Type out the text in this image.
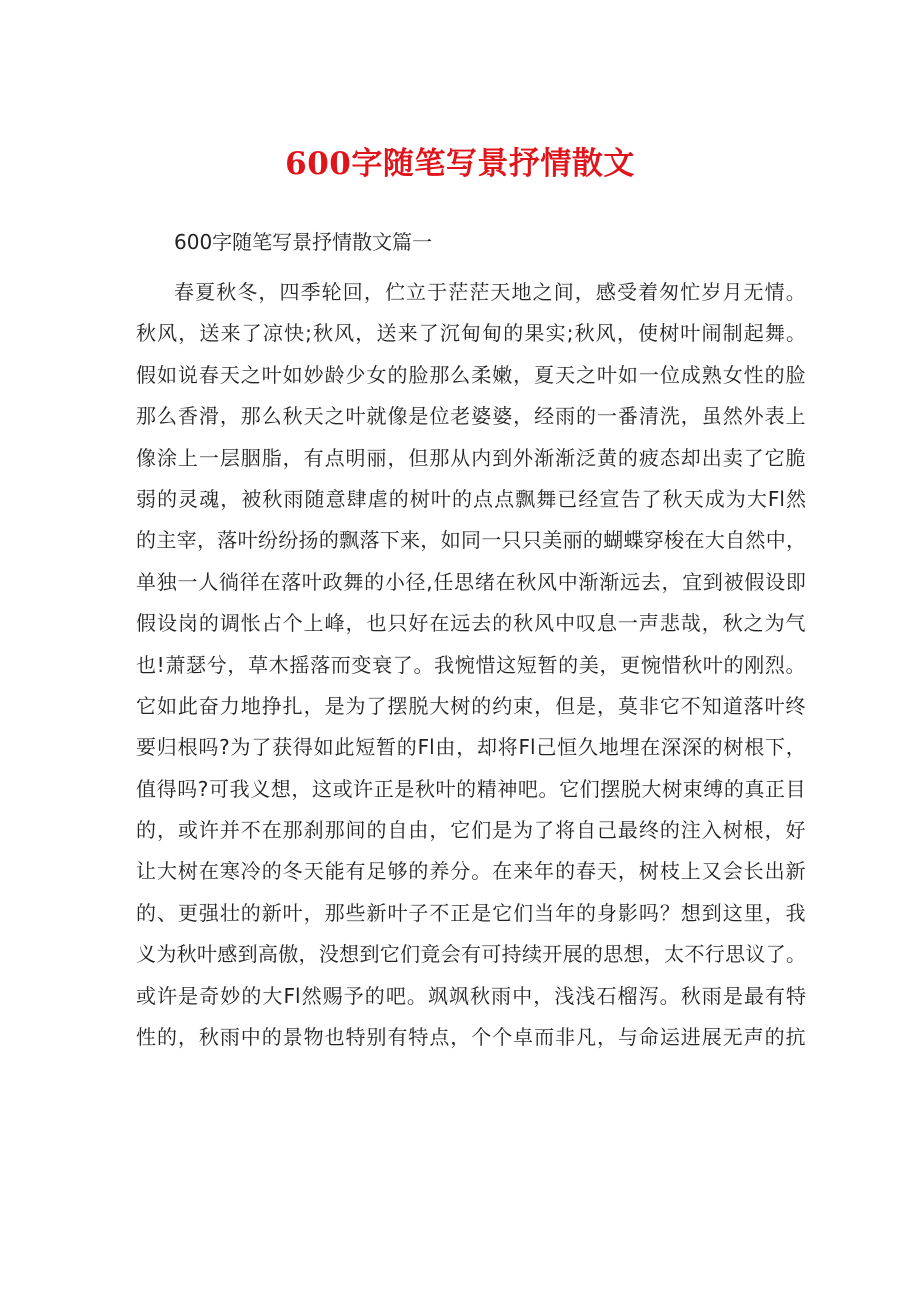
600字随笔写景抒情散文
600字随笔写景抒情散文篇一
春 夏 秋 冬 ， 四 季 轮 回 ， 伫 立 于 茫 茫 天 地 之 间 ， 感 受 着 匆 忙 岁 月 无 情 。
秋 风 ， 送 来 了 凉 快 ; 秋 风 ， 送 来 了 沉 甸 甸 的 果 实 ; 秋 风 ， 使 树 叶 闹 制 起 舞 。
假 如 说 春 天 之 叶 如 妙 龄 少 女 的 脸 那 么 柔 嫩 ， 夏 天 之 叶 如 一 位 成 熟 女 性 的 脸
那 么 香 滑 ， 那 么 秋 天 之 叶 就 像 是 位 老 婆 婆 ， 经 雨 的 一 番 清 洗 ， 虽 然 外 表 上
像 涂 上 一 层 胭 脂 ， 有 点 明 丽 ， 但 那 从 内 到 外 渐 渐 泛 黄 的 疲 态 却 出 卖 了 它 脆
弱 的 灵 魂 ， 被 秋 雨 随 意 肆 虐 的 树 叶 的 点 点 飘 舞 已 经 宣 告 了 秋 天 成 为 大 Fl 然
的 主 宰 ， 落 叶 纷 纷 扬 的 飘 落 下 来 ， 如 同 一 只 只 美 丽 的 蝴 蝶 穿 梭 在 大 自 然 中 ，
单 独 一 人 徜 徉 在 落 叶 政 舞 的 小 径 , 任 思 绪 在 秋 风 中 渐 渐 远 去 ， 宜 到 被 假 设 即
假 设 岗 的 调 怅 占 个 上 峰 ， 也 只 好 在 远 去 的 秋 风 中 叹 息 一 声 悲 哉 ， 秋 之 为 气
也 ! 萧 瑟 兮 ， 草 木 摇 落 而 变 衰 了 。 我 惋 惜 这 短 暂 的 美 ， 更 惋 惜 秋 叶 的 刚 烈 。
它 如 此 奋 力 地 挣 扎 ， 是 为 了 摆 脱 大 树 的 约 束 ， 但 是 ， 莫 非 它 不 知 道 落 叶 终
要 归 根 吗 ? 为 了 获 得 如 此 短 暂 的 Fl 由 ， 却 将 Fl 己 恒 久 地 埋 在 深 深 的 树 根 下 ，
值 得 吗 ? 可 我 义 想 ， 这 或 许 正 是 秋 叶 的 精 神 吧 。 它 们 摆 脱 大 树 束 缚 的 真 正 目
的 ， 或 许 并 不 在 那 刹 那 间 的 自 由 ， 它 们 是 为 了 将 自 己 最 终 的 注 入 树 根 ， 好
让 大 树 在 寒 冷 的 冬 天 能 有 足 够 的 养 分 。 在 来 年 的 春 天 ， 树 枝 上 又 会 长 出 新
的 、 更 强 壮 的 新 叶 ， 那 些 新 叶 子 不 正 是 它 们 当 年 的 身 影 吗 ？ 想 到 这 里 ， 我
义 为 秋 叶 感 到 高 傲 ， 没 想 到 它 们 竟 会 有 可 持 续 开 展 的 思 想 ， 太 不 行 思 议 了 。
或 许 是 奇 妙 的 大 Fl 然 赐 予 的 吧 。 飒 飒 秋 雨 中 ， 浅 浅 石 榴 泻 。 秋 雨 是 最 有 特
性 的 ， 秋 雨 中 的 景 物 也 特 别 有 特 点 ， 个 个 卓 而 非 凡 ， 与 命 运 进 展 无 声 的 抗
